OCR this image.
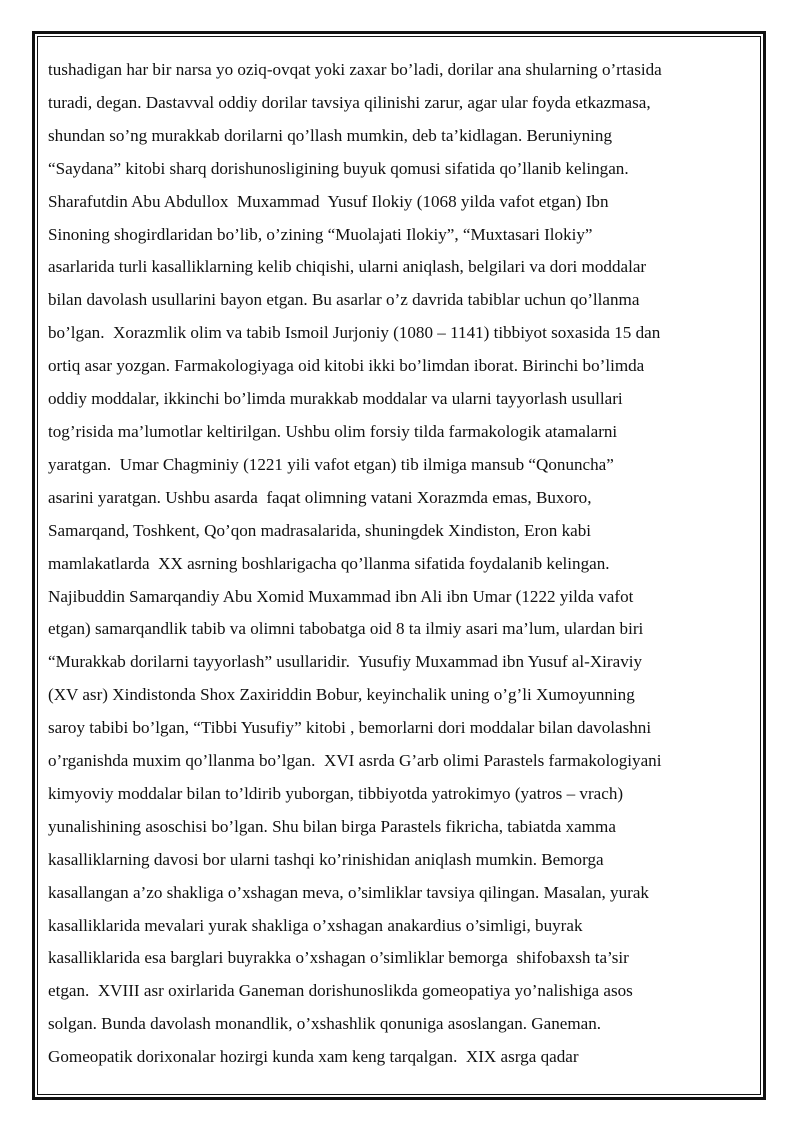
tushadigan har bir narsa yo oziq-ovqat yoki zaxar bo’ladi, dorilar ana shularning o’rtasida
turadi, degan. Dastavval oddiy dorilar tavsiya qilinishi zarur, agar ular foyda etkazmasa,
shundan so’ng murakkab dorilarni qo’llash mumkin, deb ta’kidlagan. Beruniyning
“Saydana” kitobi sharq dorishunosligining buyuk qomusi sifatida qo’llanib kelingan.
Sharafutdin Abu Abdullox  Muxammad  Yusuf Ilokiy (1068 yilda vafot etgan) Ibn
Sinoning shogirdlaridan bo’lib, o’zining “Muolajati Ilokiy”, “Muxtasari Ilokiy”
asarlarida turli kasalliklarning kelib chiqishi, ularni aniqlash, belgilari va dori moddalar
bilan davolash usullarini bayon etgan. Bu asarlar o’z davrida tabiblar uchun qo’llanma
bo’lgan.  Xorazmlik olim va tabib Ismoil Jurjoniy (1080 – 1141) tibbiyot soxasida 15 dan
ortiq asar yozgan. Farmakologiyaga oid kitobi ikki bo’limdan iborat. Birinchi bo’limda
oddiy moddalar, ikkinchi bo’limda murakkab moddalar va ularni tayyorlash usullari
tog’risida ma’lumotlar keltirilgan. Ushbu olim forsiy tilda farmakologik atamalarni
yaratgan.  Umar Chagminiy (1221 yili vafot etgan) tib ilmiga mansub “Qonuncha”
asarini yaratgan. Ushbu asarda  faqat olimning vatani Xorazmda emas, Buxoro,
Samarqand, Toshkent, Qo’qon madrasalarida, shuningdek Xindiston, Eron kabi
mamlakatlarda  XX asrning boshlarigacha qo’llanma sifatida foydalanib kelingan.
Najibuddin Samarqandiy Abu Xomid Muxammad ibn Ali ibn Umar (1222 yilda vafot
etgan) samarqandlik tabib va olimni tabobatga oid 8 ta ilmiy asari ma’lum, ulardan biri
“Murakkab dorilarni tayyorlash” usullaridir.  Yusufiy Muxammad ibn Yusuf al-Xiraviy
(XV asr) Xindistonda Shox Zaxiriddin Bobur, keyinchalik uning o’g’li Xumoyunning
saroy tabibi bo’lgan, “Tibbi Yusufiy” kitobi , bemorlarni dori moddalar bilan davolashni
o’rganishda muxim qo’llanma bo’lgan.  XVI asrda G’arb olimi Parastels farmakologiyani
kimyoviy moddalar bilan to’ldirib yuborgan, tibbiyotda yatrokimyo (yatros – vrach)
yunalishining asoschisi bo’lgan. Shu bilan birga Parastels fikricha, tabiatda xamma
kasalliklarning davosi bor ularni tashqi ko’rinishidan aniqlash mumkin. Bemorga
kasallangan a’zo shakliga o’xshagan meva, o’simliklar tavsiya qilingan. Masalan, yurak
kasalliklarida mevalari yurak shakliga o’xshagan anakardius o’simligi, buyrak
kasalliklarida esa barglari buyrakka o’xshagan o’simliklar bemorga  shifobaxsh ta’sir
etgan.  XVIII asr oxirlarida Ganeman dorishunoslikda gomeopatiya yo’nalishiga asos
solgan. Bunda davolash monandlik, o’xshashlik qonuniga asoslangan. Ganeman.
Gomeopatik dorixonalar hozirgi kunda xam keng tarqalgan.  XIX asrga qadar
